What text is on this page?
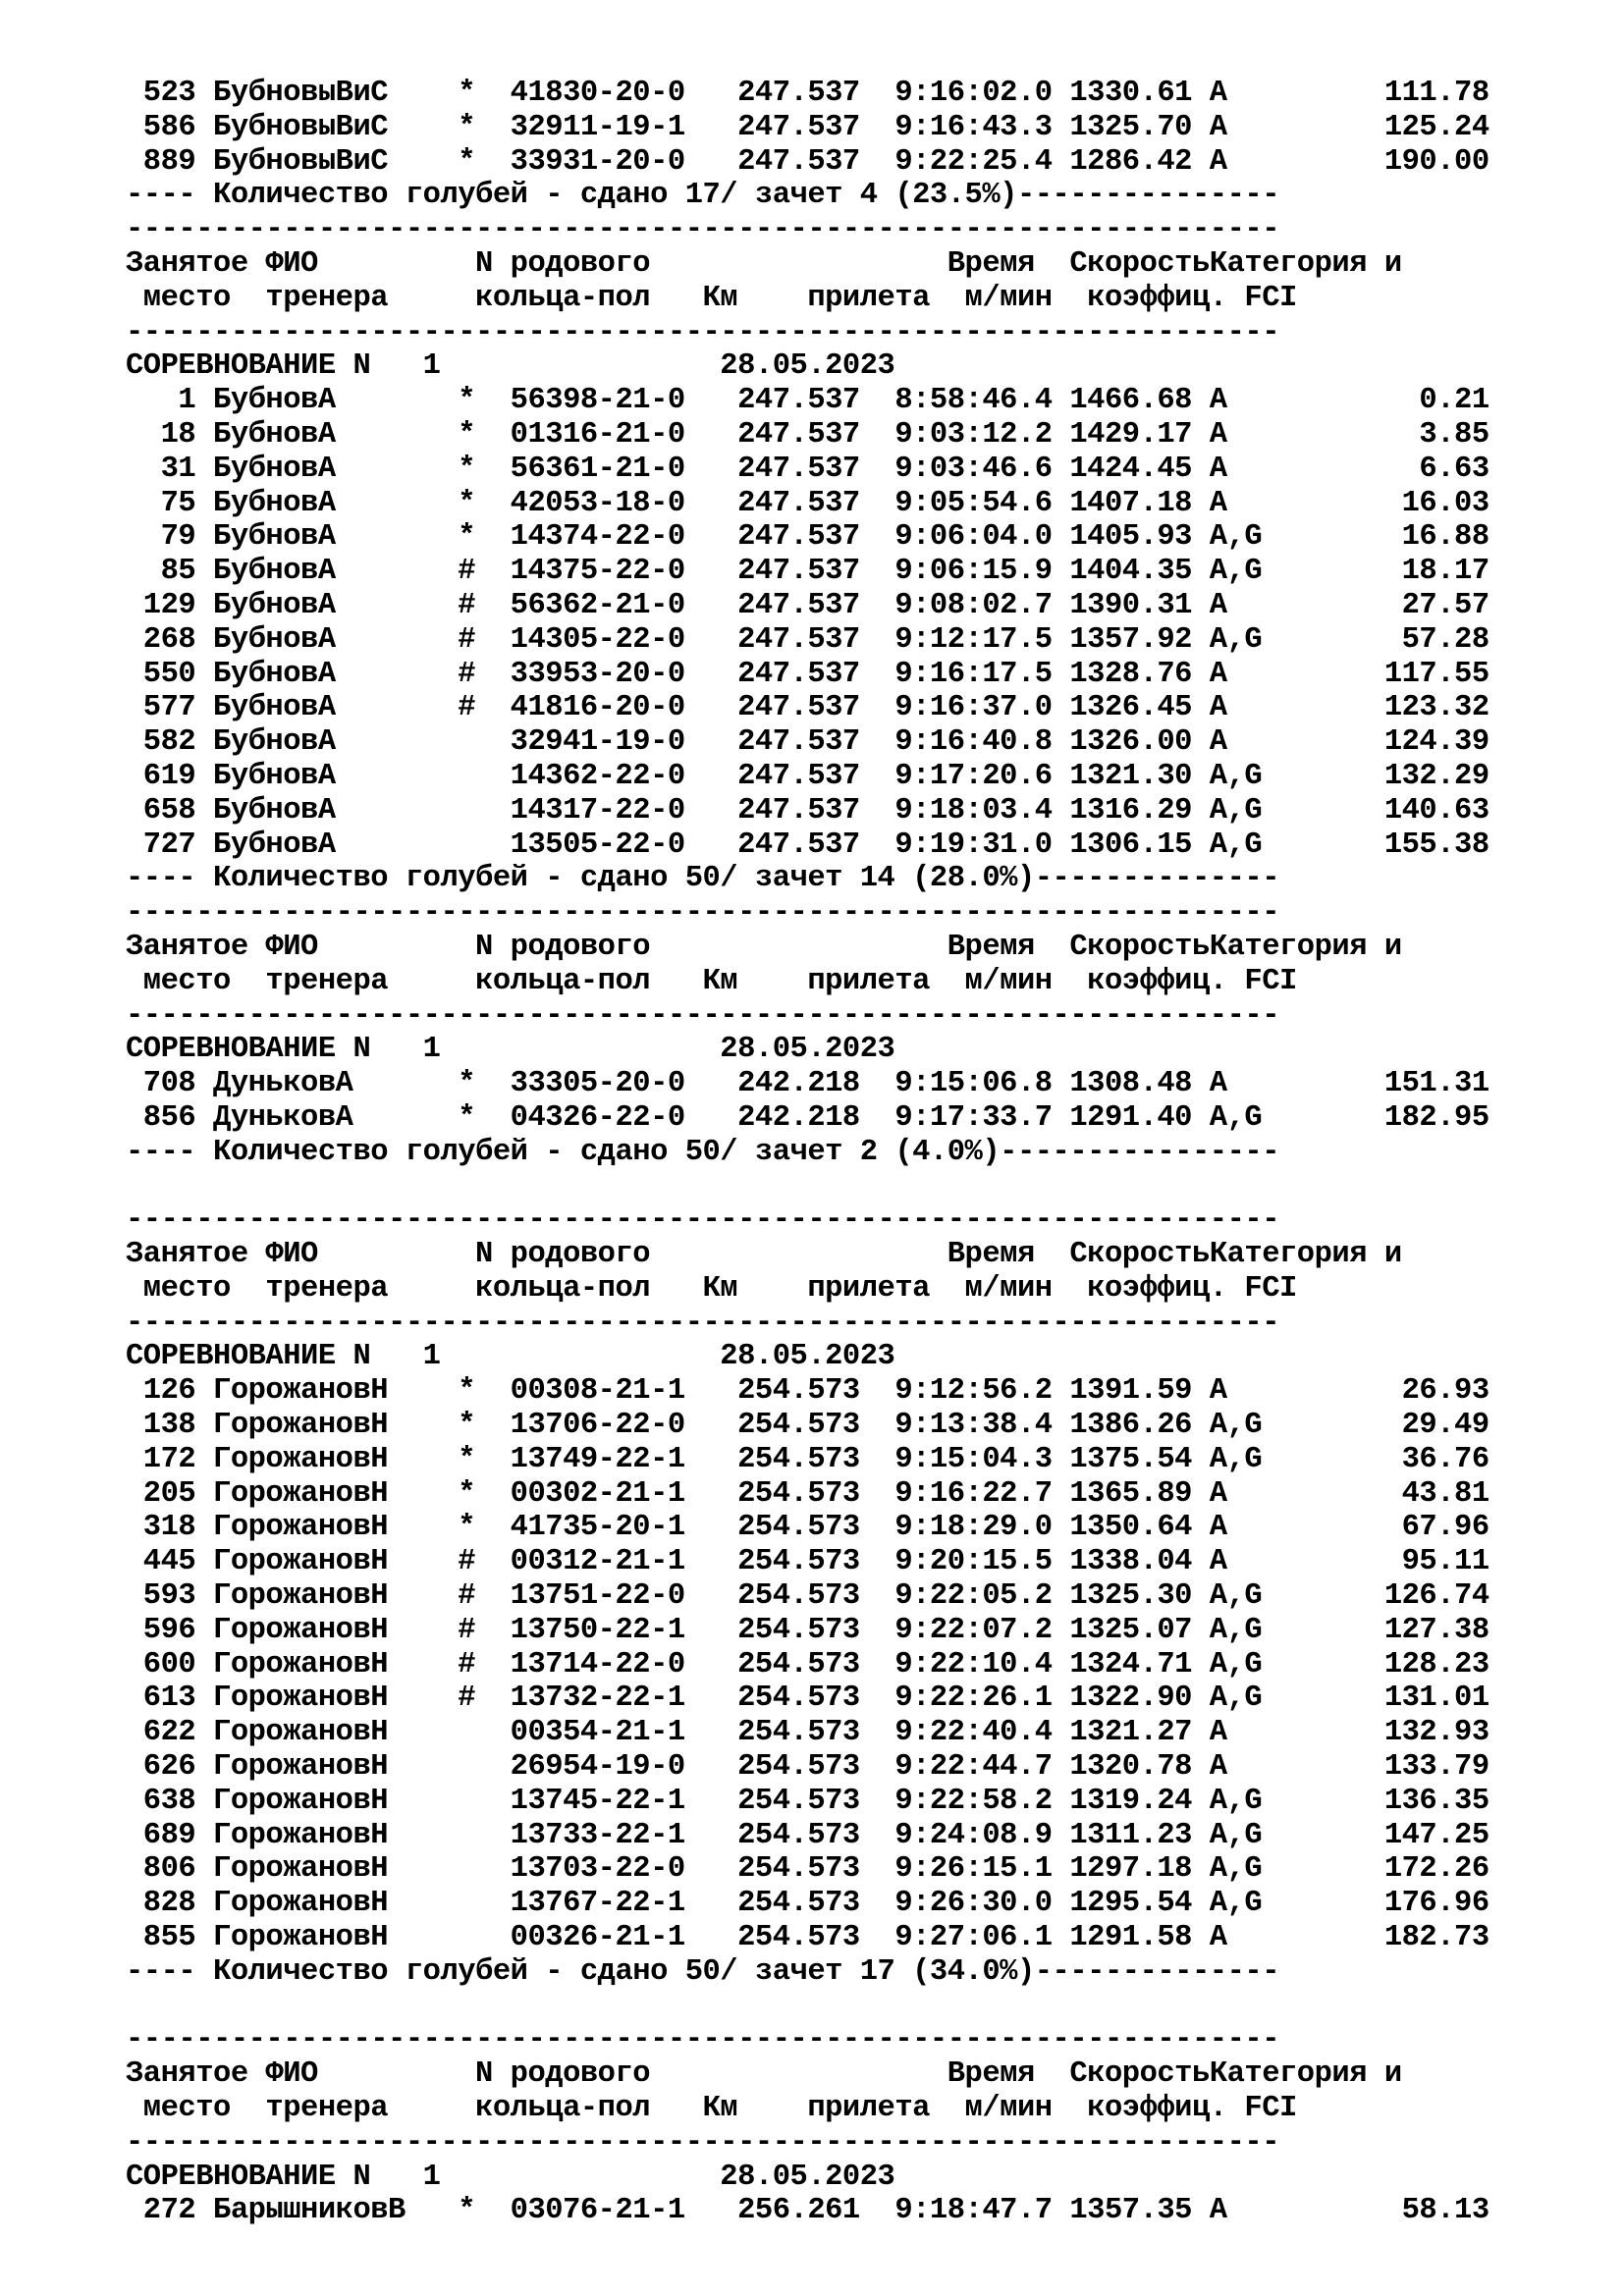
523 БубновыВиС    *  41830-20-0   247.537  9:16:02.0 1330.61 A         111.78
586 БубновыВиС    *  32911-19-1   247.537  9:16:43.3 1325.70 A         125.24
889 БубновыВиС    *  33931-20-0   247.537  9:22:25.4 1286.42 A         190.00
---- Количество голубей - сдано 17/ зачет 4 (23.5%)---------------
------------------------------------------------------------------
Занятое ФИО         N родового                 Время  СкоростьКатегория и
место  тренера     кольца-пол   Км    прилета  м/мин  коэффиц. FCI
------------------------------------------------------------------
СОРЕВНОВАНИЕ N   1                28.05.2023
1 БубновА       *  56398-21-0   247.537  8:58:46.4 1466.68 A           0.21
18 БубновА       *  01316-21-0   247.537  9:03:12.2 1429.17 A           3.85
31 БубновА       *  56361-21-0   247.537  9:03:46.6 1424.45 A           6.63
75 БубновА       *  42053-18-0   247.537  9:05:54.6 1407.18 A          16.03
79 БубновА       *  14374-22-0   247.537  9:06:04.0 1405.93 A,G        16.88
85 БубновА       #  14375-22-0   247.537  9:06:15.9 1404.35 A,G        18.17
129 БубновА       #  56362-21-0   247.537  9:08:02.7 1390.31 A          27.57
268 БубновА       #  14305-22-0   247.537  9:12:17.5 1357.92 A,G        57.28
550 БубновА       #  33953-20-0   247.537  9:16:17.5 1328.76 A         117.55
577 БубновА       #  41816-20-0   247.537  9:16:37.0 1326.45 A         123.32
582 БубновА          32941-19-0   247.537  9:16:40.8 1326.00 A         124.39
619 БубновА          14362-22-0   247.537  9:17:20.6 1321.30 A,G       132.29
658 БубновА          14317-22-0   247.537  9:18:03.4 1316.29 A,G       140.63
727 БубновА          13505-22-0   247.537  9:19:31.0 1306.15 A,G       155.38
---- Количество голубей - сдано 50/ зачет 14 (28.0%)--------------
------------------------------------------------------------------
Занятое ФИО         N родового                 Время  СкоростьКатегория и
место  тренера     кольца-пол   Км    прилета  м/мин  коэффиц. FCI
------------------------------------------------------------------
СОРЕВНОВАНИЕ N   1                28.05.2023
708 ДуньковА      *  33305-20-0   242.218  9:15:06.8 1308.48 A         151.31
856 ДуньковА      *  04326-22-0   242.218  9:17:33.7 1291.40 A,G       182.95
---- Количество голубей - сдано 50/ зачет 2 (4.0%)----------------
------------------------------------------------------------------
Занятое ФИО         N родового                 Время  СкоростьКатегория и
место  тренера     кольца-пол   Км    прилета  м/мин  коэффиц. FCI
------------------------------------------------------------------
СОРЕВНОВАНИЕ N   1                28.05.2023
126 ГорожановН    *  00308-21-1   254.573  9:12:56.2 1391.59 A          26.93
138 ГорожановН    *  13706-22-0   254.573  9:13:38.4 1386.26 A,G        29.49
172 ГорожановН    *  13749-22-1   254.573  9:15:04.3 1375.54 A,G        36.76
205 ГорожановН    *  00302-21-1   254.573  9:16:22.7 1365.89 A          43.81
318 ГорожановН    *  41735-20-1   254.573  9:18:29.0 1350.64 A          67.96
445 ГорожановН    #  00312-21-1   254.573  9:20:15.5 1338.04 A          95.11
593 ГорожановН    #  13751-22-0   254.573  9:22:05.2 1325.30 A,G       126.74
596 ГорожановН    #  13750-22-1   254.573  9:22:07.2 1325.07 A,G       127.38
600 ГорожановН    #  13714-22-0   254.573  9:22:10.4 1324.71 A,G       128.23
613 ГорожановН    #  13732-22-1   254.573  9:22:26.1 1322.90 A,G       131.01
622 ГорожановН       00354-21-1   254.573  9:22:40.4 1321.27 A         132.93
626 ГорожановН       26954-19-0   254.573  9:22:44.7 1320.78 A         133.79
638 ГорожановН       13745-22-1   254.573  9:22:58.2 1319.24 A,G       136.35
689 ГорожановН       13733-22-1   254.573  9:24:08.9 1311.23 A,G       147.25
806 ГорожановН       13703-22-0   254.573  9:26:15.1 1297.18 A,G       172.26
828 ГорожановН       13767-22-1   254.573  9:26:30.0 1295.54 A,G       176.96
855 ГорожановН       00326-21-1   254.573  9:27:06.1 1291.58 A         182.73
---- Количество голубей - сдано 50/ зачет 17 (34.0%)--------------
------------------------------------------------------------------
Занятое ФИО         N родового                 Время  СкоростьКатегория и
место  тренера     кольца-пол   Км    прилета  м/мин  коэффиц. FCI
------------------------------------------------------------------
СОРЕВНОВАНИЕ N   1                28.05.2023
272 БарышниковВ   *  03076-21-1   256.261  9:18:47.7 1357.35 A          58.13
